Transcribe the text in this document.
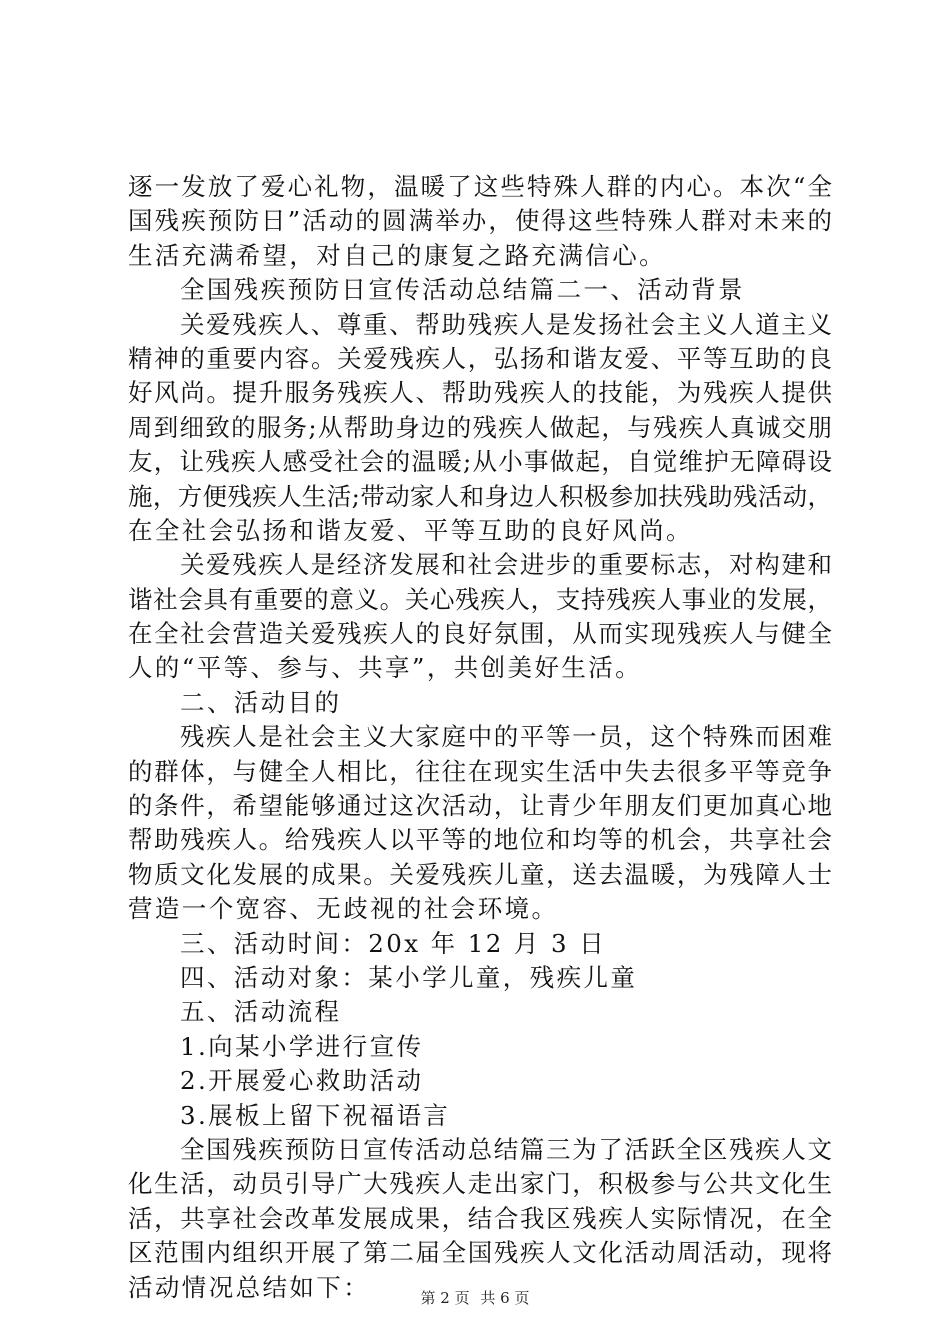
逐一发放了爱心礼物，温暖了这些特殊人群的内心。本次“全
国残疾预防日”活动的圆满举办，使得这些特殊人群对未来的
生活充满希望，对自己的康复之路充满信心。
全国残疾预防日宣传活动总结篇二一、活动背景
关爱残疾人、尊重、帮助残疾人是发扬社会主义人道主义
精神的重要内容。关爱残疾人，弘扬和谐友爱、平等互助的良
好风尚。提升服务残疾人、帮助残疾人的技能，为残疾人提供
周到细致的服务;从帮助身边的残疾人做起，与残疾人真诚交朋
友，让残疾人感受社会的温暖;从小事做起，自觉维护无障碍设
施，方便残疾人生活;带动家人和身边人积极参加扶残助残活动，
在全社会弘扬和谐友爱、平等互助的良好风尚。
关爱残疾人是经济发展和社会进步的重要标志，对构建和
谐社会具有重要的意义。关心残疾人，支持残疾人事业的发展，
在全社会营造关爱残疾人的良好氛围，从而实现残疾人与健全
人的“平等、参与、共享”，共创美好生活。
二、活动目的
残疾人是社会主义大家庭中的平等一员，这个特殊而困难
的群体，与健全人相比，往往在现实生活中失去很多平等竞争
的条件，希望能够通过这次活动，让青少年朋友们更加真心地
帮助残疾人。给残疾人以平等的地位和均等的机会，共享社会
物质文化发展的成果。关爱残疾儿童，送去温暖，为残障人士
营造一个宽容、无歧视的社会环境。
三、活动时间：20x 年 12 月 3 日
四、活动对象：某小学儿童，残疾儿童
五、活动流程
1.向某小学进行宣传
2.开展爱心救助活动
3.展板上留下祝福语言
全国残疾预防日宣传活动总结篇三为了活跃全区残疾人文
化生活，动员引导广大残疾人走出家门，积极参与公共文化生
活，共享社会改革发展成果，结合我区残疾人实际情况，在全
区范围内组织开展了第二届全国残疾人文化活动周活动，现将
活动情况总结如下：	第 2 页 共 6 页
